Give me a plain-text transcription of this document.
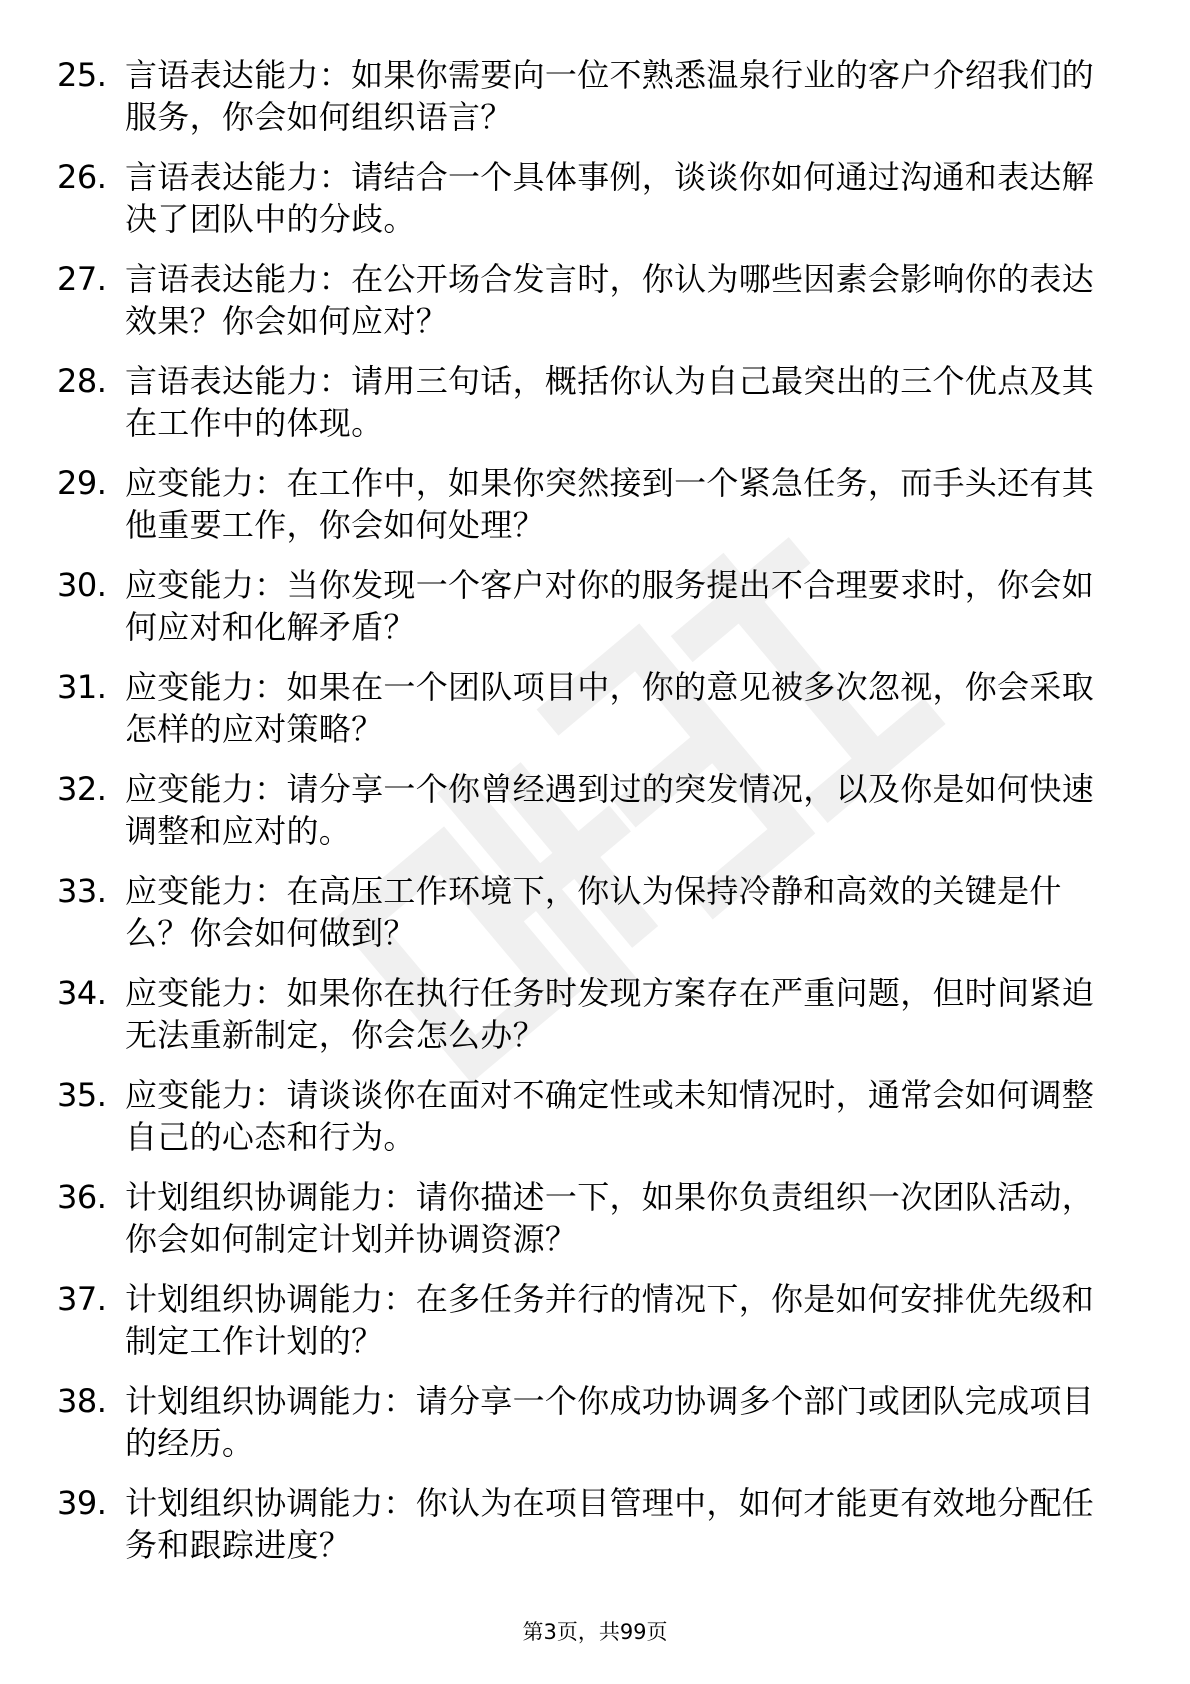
25. 言语表达能力：如果你需要向一位不熟悉温泉行业的客户介绍我们的服务，你会如何组织语言？
26. 言语表达能力：请结合一个具体事例，谈谈你如何通过沟通和表达解决了团队中的分歧。
27. 言语表达能力：在公开场合发言时，你认为哪些因素会影响你的表达效果？你会如何应对？
28. 言语表达能力：请用三句话，概括你认为自己最突出的三个优点及其在工作中的体现。
29. 应变能力：在工作中，如果你突然接到一个紧急任务，而手头还有其他重要工作，你会如何处理？
30. 应变能力：当你发现一个客户对你的服务提出不合理要求时，你会如何应对和化解矛盾？
31. 应变能力：如果在一个团队项目中，你的意见被多次忽视，你会采取怎样的应对策略？
32. 应变能力：请分享一个你曾经遇到过的突发情况，以及你是如何快速调整和应对的。
33. 应变能力：在高压工作环境下，你认为保持冷静和高效的关键是什么？你会如何做到？
34. 应变能力：如果你在执行任务时发现方案存在严重问题，但时间紧迫无法重新制定，你会怎么办？
35. 应变能力：请谈谈你在面对不确定性或未知情况时，通常会如何调整自己的心态和行为。
36. 计划组织协调能力：请你描述一下，如果你负责组织一次团队活动，你会如何制定计划并协调资源？
37. 计划组织协调能力：在多任务并行的情况下，你是如何安排优先级和制定工作计划的？
38. 计划组织协调能力：请分享一个你成功协调多个部门或团队完成项目的经历。
39. 计划组织协调能力：你认为在项目管理中，如何才能更有效地分配任务和跟踪进度？
第3页，共99页
